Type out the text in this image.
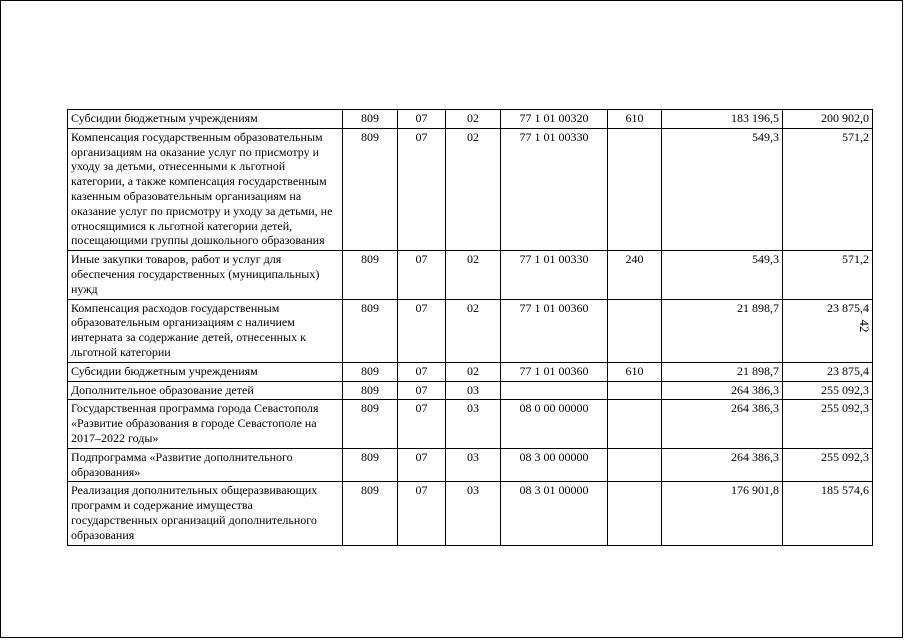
Субсидии бюджетным учреждениям	809	07	02	77 1 01 00320	610	183 196,5	200 902,0
Компенсация государственным образовательным организациям на оказание услуг по присмотру и уходу за детьми, отнесенными к льготной категории, а также компенсация государственным казенным образовательным организациям на оказание услуг по присмотру и уходу за детьми, не относящимися к льготной категории детей, посещающими группы дошкольного образования	809	07	02	77 1 01 00330		549,3	571,2
Иные закупки товаров, работ и услуг для обеспечения государственных (муниципальных) нужд	809	07	02	77 1 01 00330	240	549,3	571,2
Компенсация расходов государственным образовательным организациям с наличием интерната за содержание детей, отнесенных к льготной категории	809	07	02	77 1 01 00360		21 898,7	23 875,4
Субсидии бюджетным учреждениям	809	07	02	77 1 01 00360	610	21 898,7	23 875,4
Дополнительное образование детей	809	07	03			264 386,3	255 092,3
Государственная программа города Севастополя «Развитие образования в городе Севастополе на 2017–2022 годы»	809	07	03	08 0 00 00000		264 386,3	255 092,3
Подпрограмма «Развитие дополнительного образования»	809	07	03	08 3 00 00000		264 386,3	255 092,3
Реализация дополнительных общеразвивающих программ и содержание имущества государственных организаций дополнительного образования	809	07	03	08 3 01 00000		176 901,8	185 574,6
42
